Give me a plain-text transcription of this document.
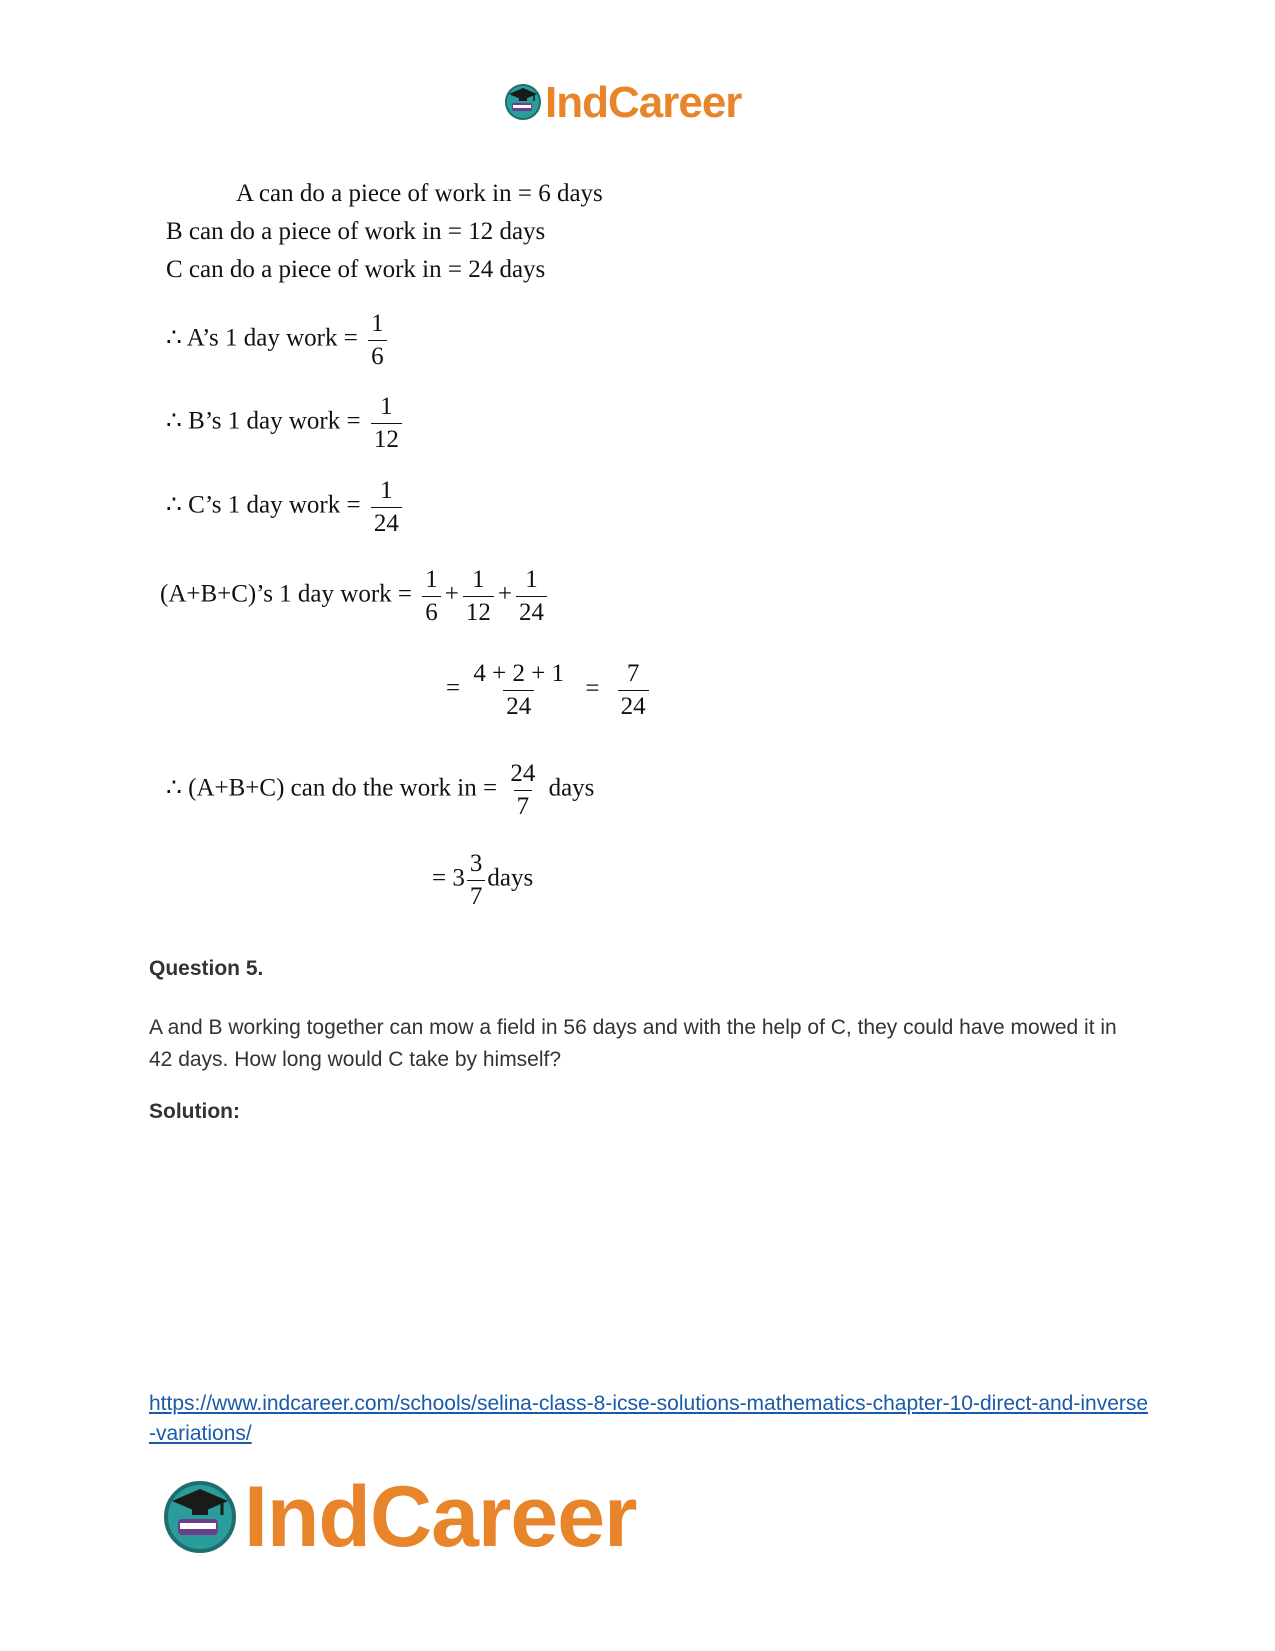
IndCareer
A can do a piece of work in = 6 days
B can do a piece of work in = 12 days
C can do a piece of work in = 24 days
∴ A’s 1 day work = $\frac{1}{6}$
∴ B’s 1 day work = $\frac{1}{12}$
∴ C’s 1 day work = $\frac{1}{24}$
(A+B+C)’s 1 day work = $\frac{1}{6} + \frac{1}{12} + \frac{1}{24}$
= $\frac{4 + 2 + 1}{24} = \frac{7}{24}$
∴ (A+B+C) can do the work in = $\frac{24}{7}$ days
= $3 \frac{3}{7}$ days
Question 5.
A and B working together can mow a field in 56 days and with the help of C, they could have mowed it in 42 days. How long would C take by himself?
Solution:
https://www.indcareer.com/schools/selina-class-8-icse-solutions-mathematics-chapter-10-direct-and-inverse-variations/
IndCareer
